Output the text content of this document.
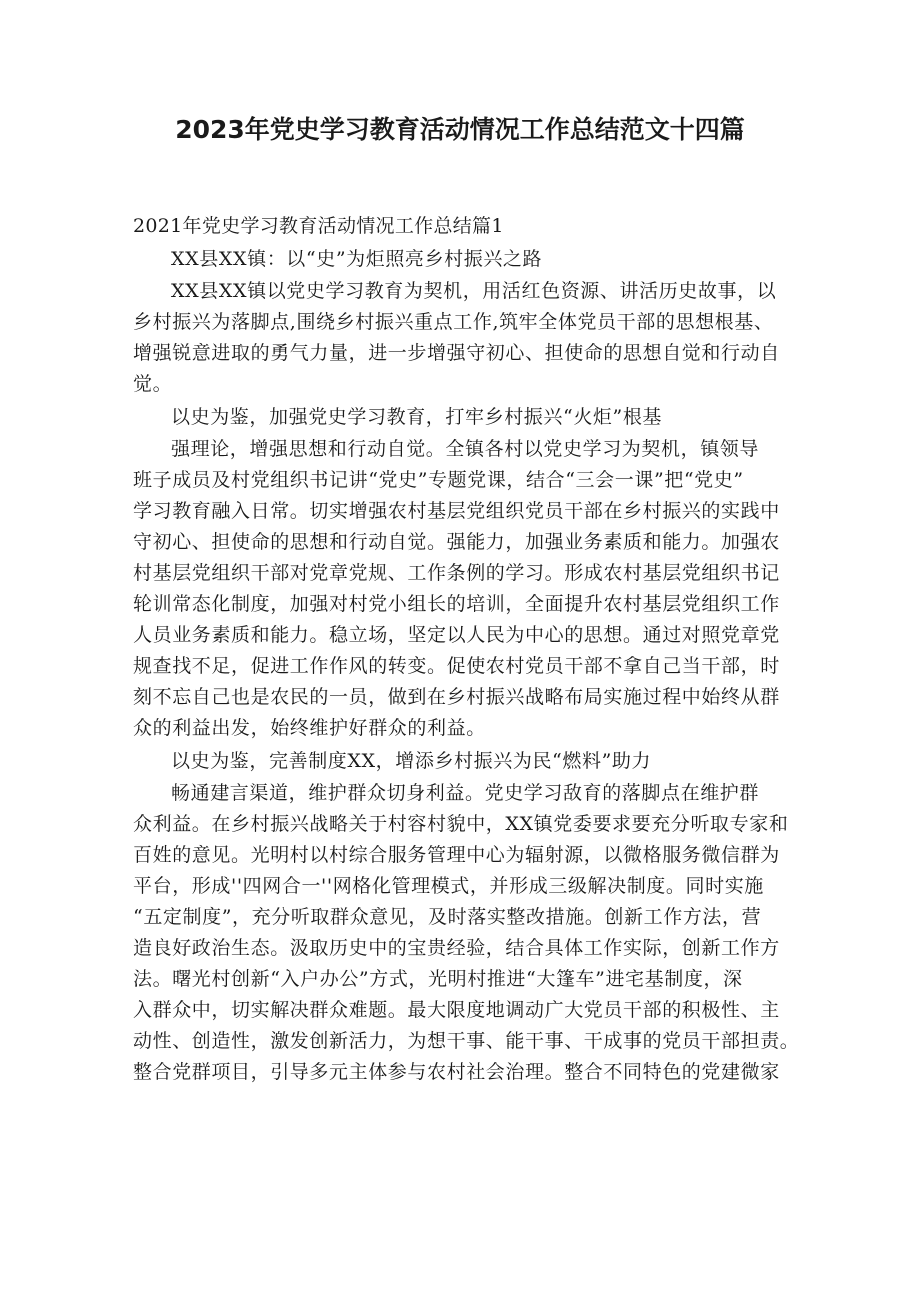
2023年党史学习教育活动情况工作总结范文十四篇
2021年党史学习教育活动情况工作总结篇1
XX县XX镇：以“史”为炬照亮乡村振兴之路
XX县XX镇以党史学习教育为契机，用活红色资源、讲活历史故事，以
乡村振兴为落脚点,围绕乡村振兴重点工作,筑牢全体党员干部的思想根基、
增强锐意进取的勇气力量，进一步增强守初心、担使命的思想自觉和行动自
觉。
以史为鉴，加强党史学习教育，打牢乡村振兴“火炬”根基
强理论，增强思想和行动自觉。全镇各村以党史学习为契机，镇领导
班子成员及村党组织书记讲“党史”专题党课，结合“三会一课”把“党史”
学习教育融入日常。切实增强农村基层党组织党员干部在乡村振兴的实践中
守初心、担使命的思想和行动自觉。强能力，加强业务素质和能力。加强农
村基层党组织干部对党章党规、工作条例的学习。形成农村基层党组织书记
轮训常态化制度，加强对村党小组长的培训，全面提升农村基层党组织工作
人员业务素质和能力。稳立场，坚定以人民为中心的思想。通过对照党章党
规查找不足，促进工作作风的转变。促使农村党员干部不拿自己当干部，时
刻不忘自己也是农民的一员，做到在乡村振兴战略布局实施过程中始终从群
众的利益出发，始终维护好群众的利益。
以史为鉴，完善制度XX，增添乡村振兴为民“燃料”助力
畅通建言渠道，维护群众切身利益。党史学习敌育的落脚点在维护群
众利益。在乡村振兴战略关于村容村貌中，XX镇党委要求要充分听取专家和
百姓的意见。光明村以村综合服务管理中心为辐射源，以微格服务微信群为
平台，形成''四网合一''网格化管理模式，并形成三级解决制度。同时实施
“五定制度”，充分听取群众意见，及时落实整改措施。创新工作方法，营
造良好政治生态。汲取历史中的宝贵经验，结合具体工作实际，创新工作方
法。曙光村创新“入户办公”方式，光明村推进“大篷车”进宅基制度，深
入群众中，切实解决群众难题。最大限度地调动广大党员干部的积极性、主
动性、创造性，激发创新活力，为想干事、能干事、干成事的党员干部担责。
整合党群项目，引导多元主体参与农村社会治理。整合不同特色的党建微家
